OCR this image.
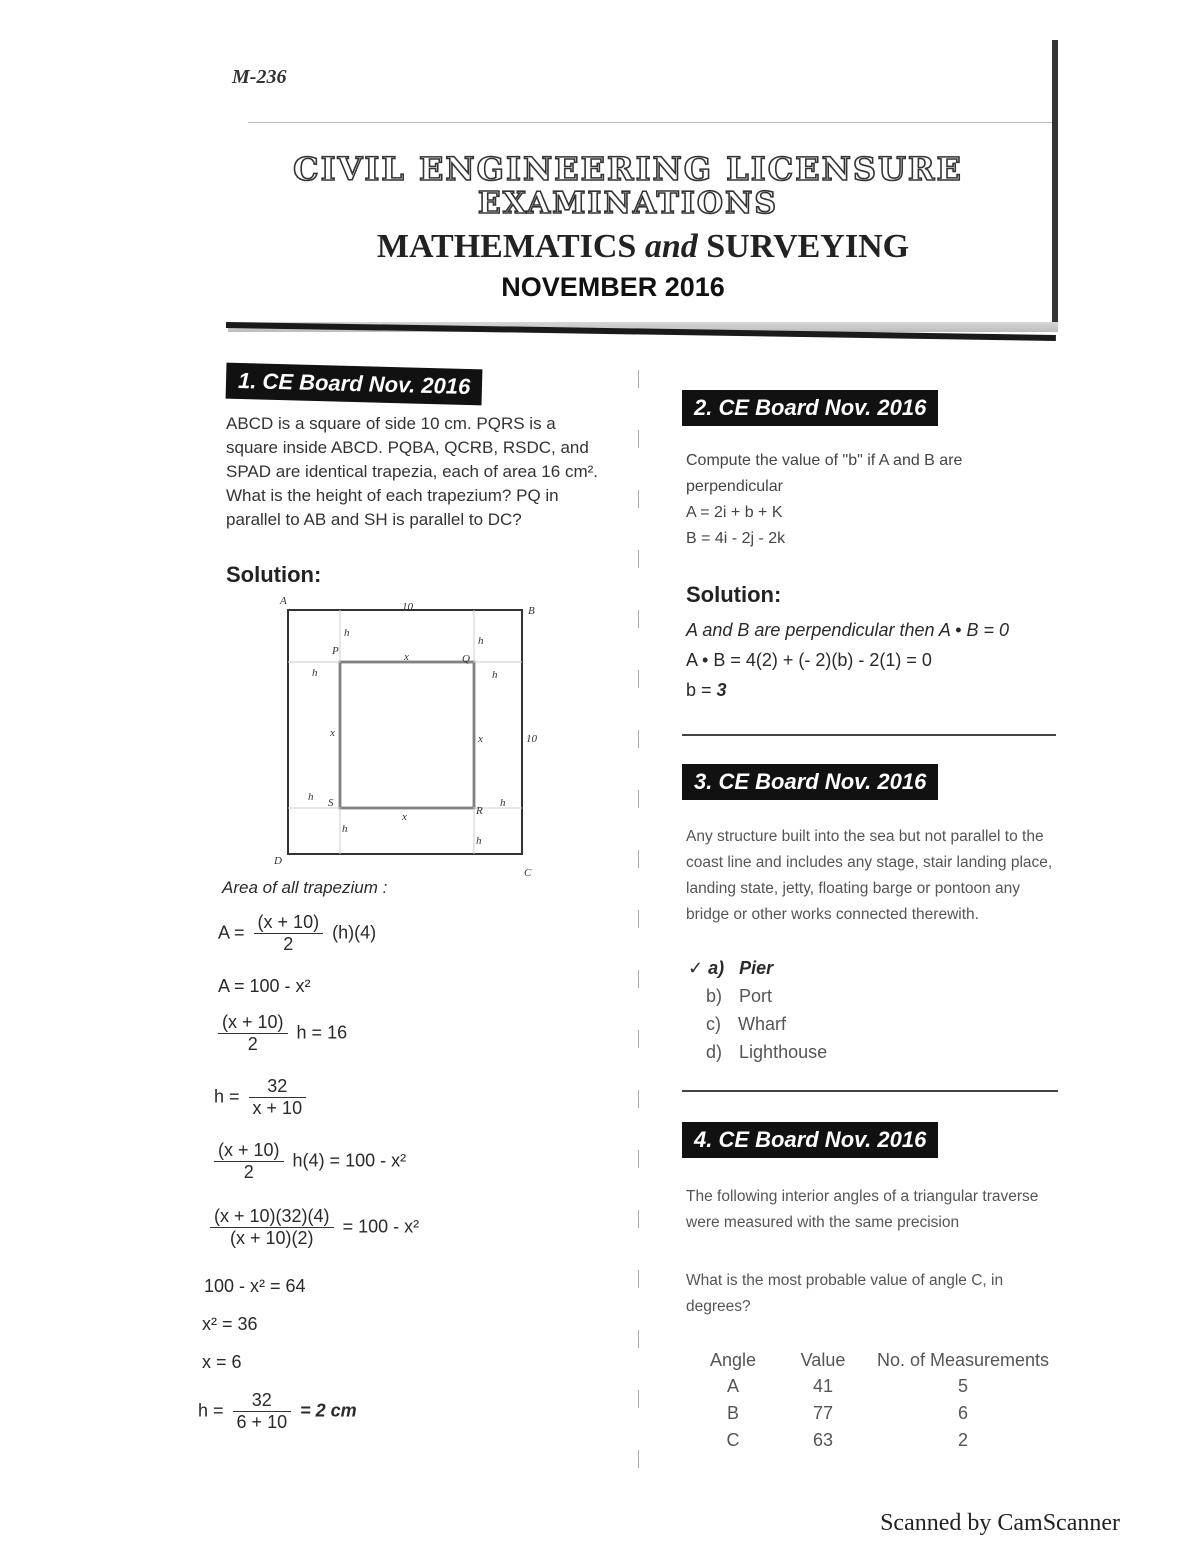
M-236
CIVIL ENGINEERING LICENSURE
EXAMINATIONS
MATHEMATICS and SURVEYING
NOVEMBER 2016
1. CE Board Nov. 2016
ABCD is a square of side 10 cm. PQRS is a square inside ABCD. PQBA, QCRB, RSDC, and SPAD are identical trapezia, each of area 16 cm². What is the height of each trapezium? PQ in parallel to AB and SH is parallel to DC?
Solution:
A
B
C
D
P
Q
R
S
10
10
x
x
x	x
h
h
h
h
h
h
h
h
Area of all trapezium :
$A = \frac{(x + 10)}{2} (h)(4)$
A = 100 - x²
$\frac{(x + 10)}{2}$ h = 16
$h = \frac{32}{x + 10}$
$\frac{(x + 10)}{2} h(4) = 100 - x^2$
$\frac{(x + 10)(32)(4)}{(x + 10)(2)} = 100 - x^2$
100 - x² = 64
x² = 36
x = 6
$h = \frac{32}{6 + 10} = 2$ cm
2. CE Board Nov. 2016
Compute the value of "b" if A and B are
perpendicular
A = 2i + b + K
B = 4i - 2j - 2k
Solution:
A and B are perpendicular then A • B = 0
A • B = 4(2) + (- 2)(b) - 2(1) = 0
b = 3
3. CE Board Nov. 2016
Any structure built into the sea but not parallel to the coast line and includes any stage, stair landing place, landing state, jetty, floating barge or pontoon any bridge or other works connected therewith.
✓ a) Pier
b) Port
c) Wharf
d) Lighthouse
4. CE Board Nov. 2016
The following interior angles of a triangular traverse were measured with the same precision
What is the most probable value of angle C, in degrees?
Angle	Value	No. of Measurements
A	41	5
B	77	6
C	63	2
Scanned by CamScanner
